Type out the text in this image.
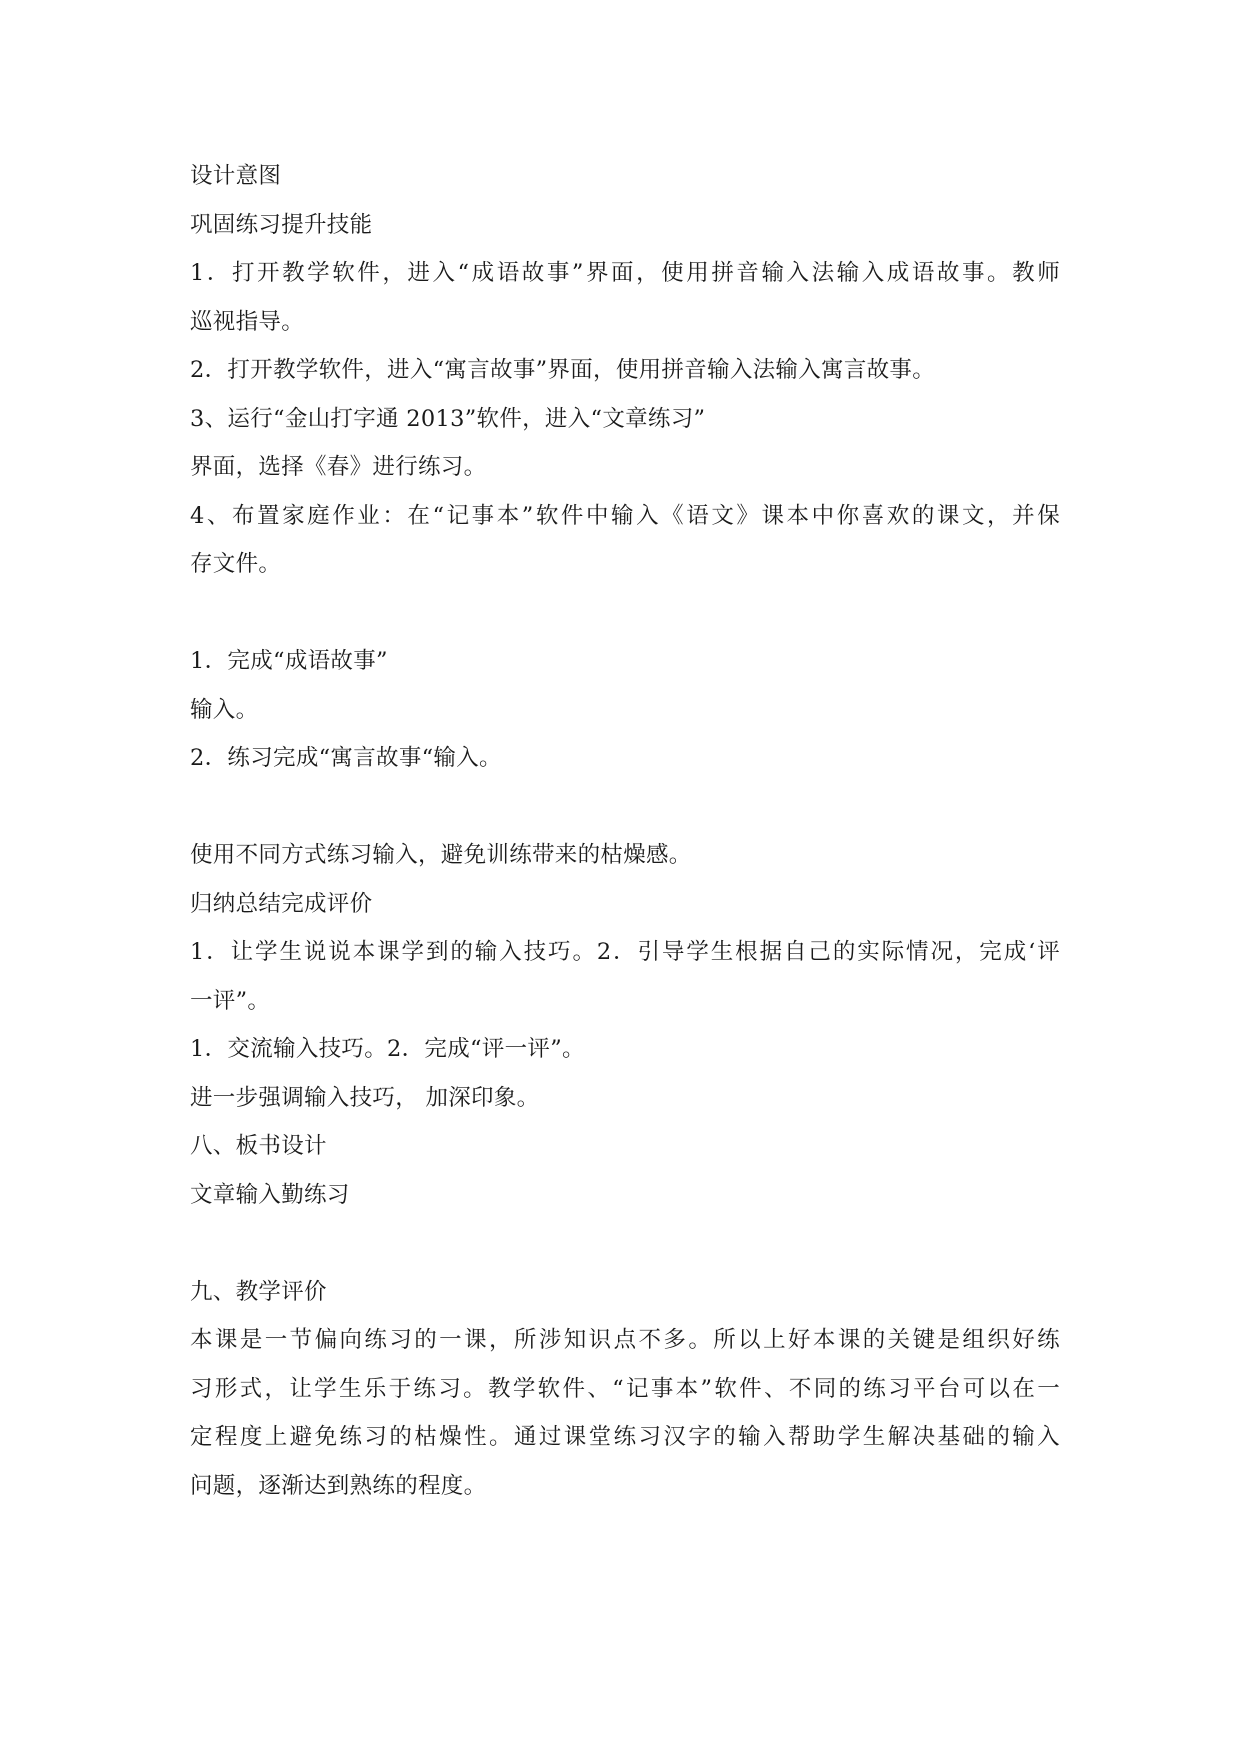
设计意图
巩固练习提升技能
1．打开教学软件，进入“成语故事”界面，使用拼音输入法输入成语故事。教师
巡视指导。
2．打开教学软件，进入“寓言故事”界面，使用拼音输入法输入寓言故事。
3、运行“金山打字通 2013”软件，进入“文章练习”
界面，选择《春》进行练习。
4、布置家庭作业：在“记事本”软件中输入《语文》课本中你喜欢的课文，并保
存文件。
1．完成“成语故事”
输入。
2．练习完成“寓言故事“输入。
使用不同方式练习输入，避免训练带来的枯燥感。
归纳总结完成评价
1．让学生说说本课学到的输入技巧。2．引导学生根据自己的实际情况，完成‘评
一评”。
1．交流输入技巧。2．完成“评一评”。
进一步强调输入技巧， 加深印象。
八、板书设计
文章输入勤练习
九、教学评价
本课是一节偏向练习的一课，所涉知识点不多。所以上好本课的关键是组织好练
习形式，让学生乐于练习。教学软件、“记事本”软件、不同的练习平台可以在一
定程度上避免练习的枯燥性。通过课堂练习汉字的输入帮助学生解决基础的输入
问题，逐渐达到熟练的程度。
